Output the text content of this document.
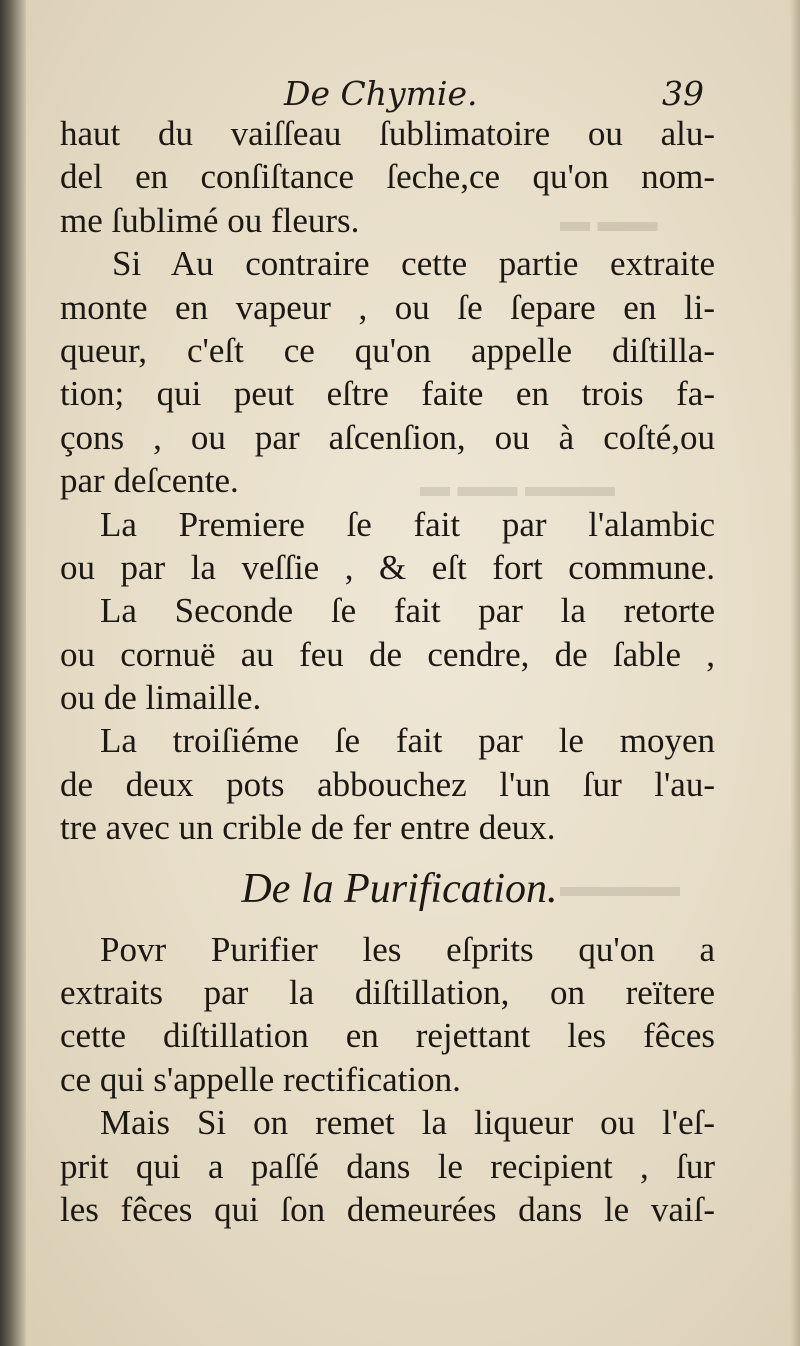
▬▬ ▬
▬▬▬ ▬▬ ▬
▬▬▬▬
De Chymie.	39
haut du vaiſſeau ſublimatoire ou alu-
del en conſiſtance ſeche,ce qu'on nom-
me ſublimé ou fleurs.
Si Au contraire cette partie extraite
monte en vapeur , ou ſe ſepare en li-
queur, c'eſt ce qu'on appelle diſtilla-
tion; qui peut eſtre faite en trois fa-
çons , ou par aſcenſion, ou à coſté,ou
par deſcente.
La Premiere ſe fait par l'alambic
ou par la veſſie , & eſt fort commune.
La Seconde ſe fait par la retorte
ou cornuë au feu de cendre, de ſable ,
ou de limaille.
La troiſiéme ſe fait par le moyen
de deux pots abbouchez l'un ſur l'au-
tre avec un crible de fer entre deux.
De la Purification.
Povr Purifier les eſprits qu'on a
extraits par la diſtillation, on reïtere
cette diſtillation en rejettant les fêces
ce qui s'appelle rectification.
Mais Si on remet la liqueur ou l'eſ-
prit qui a paſſé dans le recipient , ſur
les fêces qui ſon demeurées dans le vaiſ-
